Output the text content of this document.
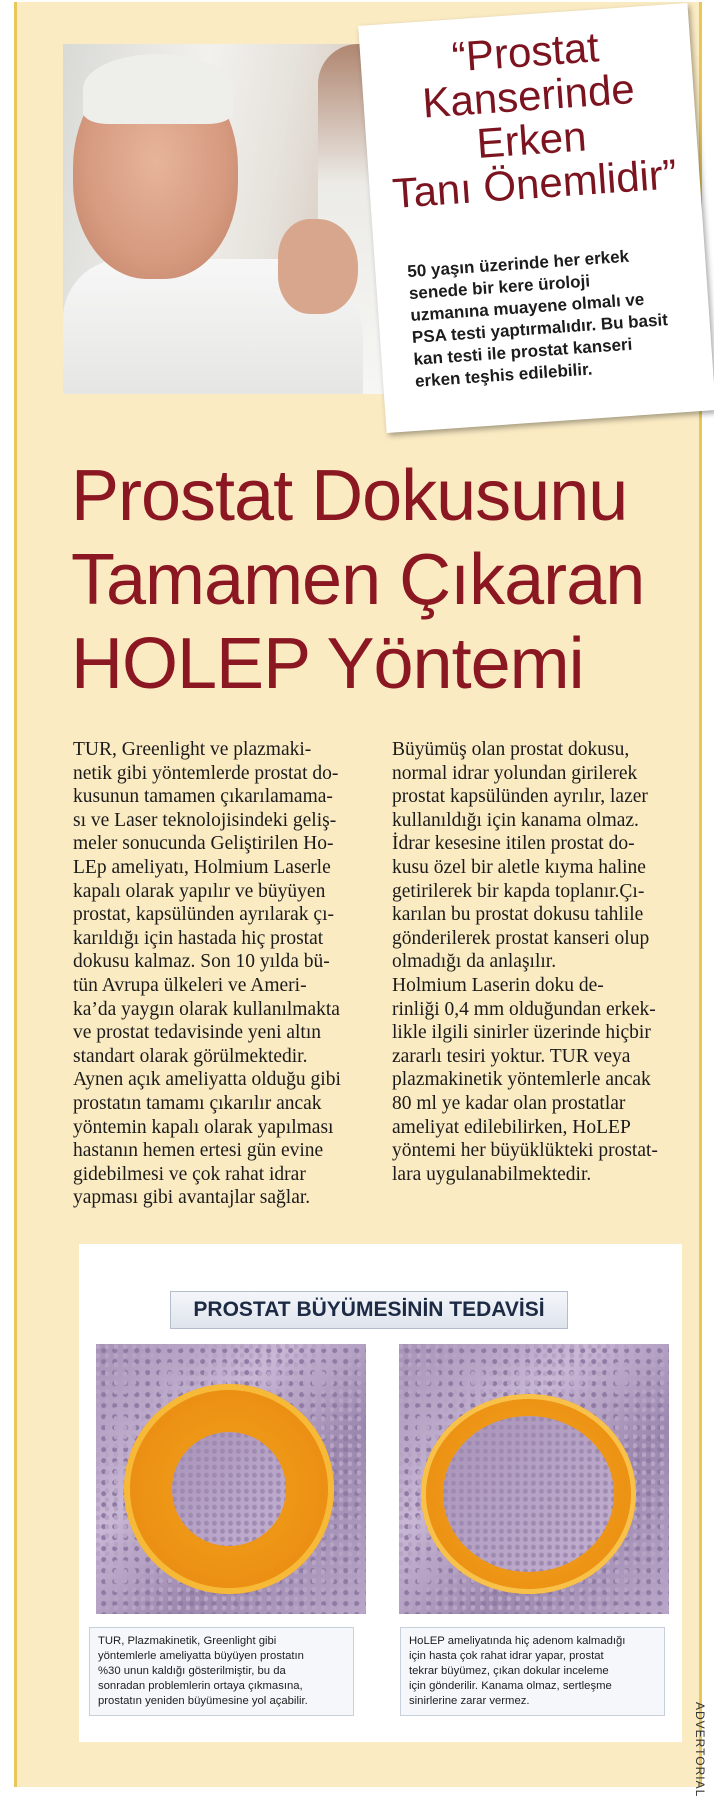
“Prostat
Kanserinde
Erken
Tanı Önemlidir”
50 yaşın üzerinde her erkek
senede bir kere üroloji
uzmanına muayene olmalı ve
PSA testi yaptırmalıdır. Bu basit
kan testi ile prostat kanseri
erken teşhis edilebilir.
Prostat Dokusunu
Tamamen Çıkaran
HOLEP Yöntemi
TUR, Greenlight ve plazmaki-
netik gibi yöntemlerde prostat do-
kusunun tamamen çıkarılamama-
sı ve Laser teknolojisindeki geliş-
meler sonucunda Geliştirilen Ho-
LEp ameliyatı, Holmium Laserle
kapalı olarak yapılır ve büyüyen
prostat, kapsülünden ayrılarak çı-
karıldığı için hastada hiç prostat
dokusu kalmaz. Son 10 yılda bü-
tün Avrupa ülkeleri ve Ameri-
ka’da yaygın olarak kullanılmakta
ve prostat tedavisinde yeni altın
standart olarak görülmektedir.
Aynen açık ameliyatta olduğu gibi
prostatın tamamı çıkarılır ancak
yöntemin kapalı olarak yapılması
hastanın hemen ertesi gün evine
gidebilmesi ve çok rahat idrar
yapması gibi avantajlar sağlar.
Büyümüş olan prostat dokusu,
normal idrar yolundan girilerek
prostat kapsülünden ayrılır, lazer
kullanıldığı için kanama olmaz.
İdrar kesesine itilen prostat do-
kusu özel bir aletle kıyma haline
getirilerek bir kapda toplanır.Çı-
karılan bu prostat dokusu tahlile
gönderilerek prostat kanseri olup
olmadığı da anlaşılır.
Holmium Laserin doku de-
rinliği 0,4 mm olduğundan erkek-
likle ilgili sinirler üzerinde hiçbir
zararlı tesiri yoktur. TUR veya
plazmakinetik yöntemlerle ancak
80 ml ye kadar olan prostatlar
ameliyat edilebilirken, HoLEP
yöntemi her büyüklükteki prostat-
lara uygulanabilmektedir.
PROSTAT BÜYÜMESİNİN TEDAVİSİ
TUR, Plazmakinetik, Greenlight gibi
yöntemlerle ameliyatta büyüyen prostatın
%30 unun kaldığı gösterilmiştir, bu da
sonradan problemlerin ortaya çıkmasına,
prostatın yeniden büyümesine yol açabilir.
HoLEP ameliyatında hiç adenom kalmadığı
için hasta çok rahat idrar yapar, prostat
tekrar büyümez, çıkan dokular inceleme
için gönderilir. Kanama olmaz, sertleşme
sinirlerine zarar vermez.
ADVERTORIAL
